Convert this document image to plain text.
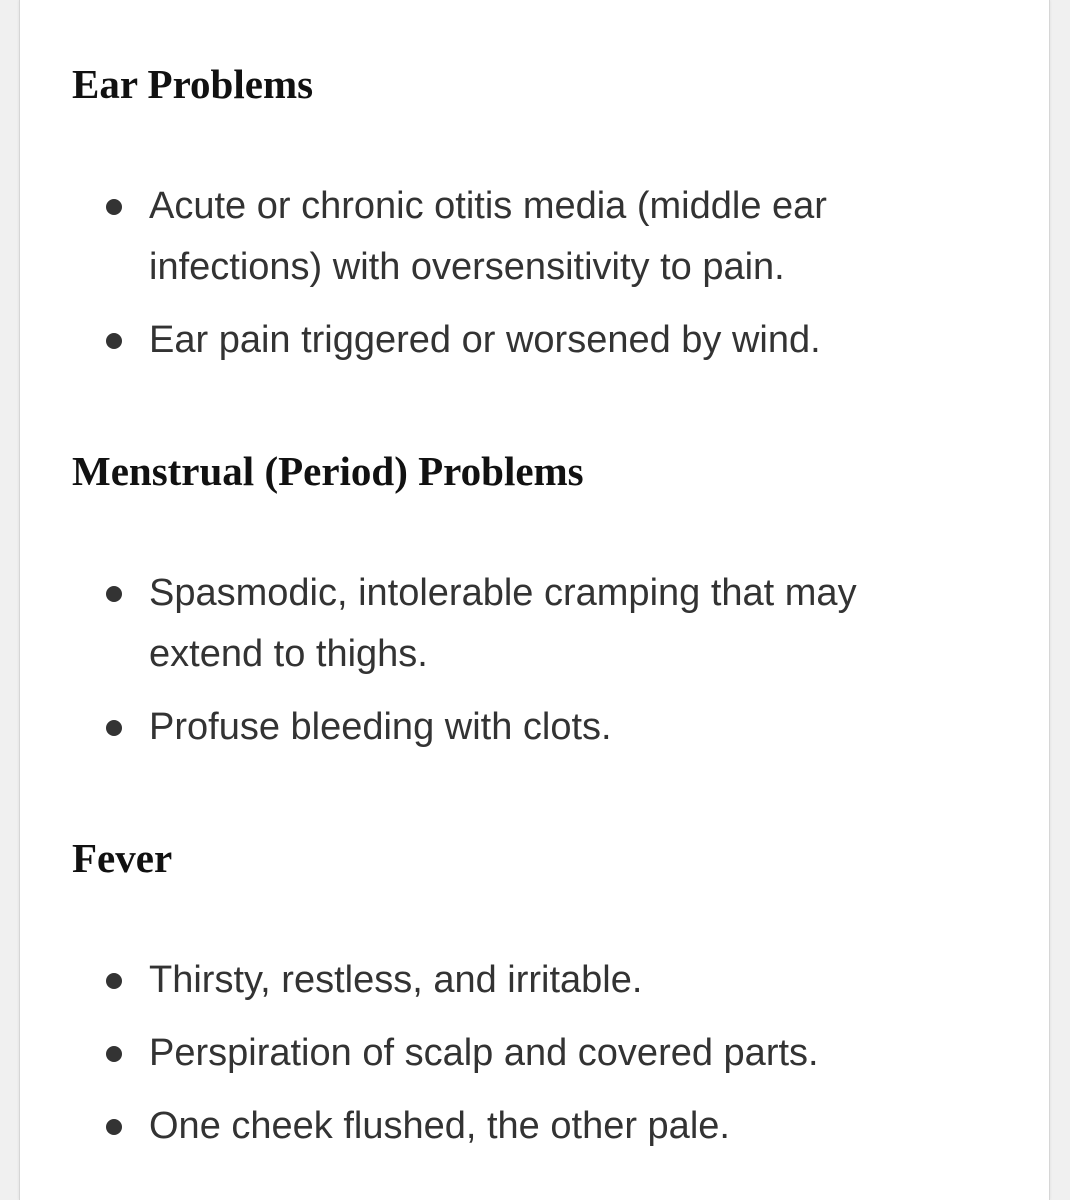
Ear Problems
Acute or chronic otitis media (middle ear infections) with oversensitivity to pain.
Ear pain triggered or worsened by wind.
Menstrual (Period) Problems
Spasmodic, intolerable cramping that may extend to thighs.
Profuse bleeding with clots.
Fever
Thirsty, restless, and irritable.
Perspiration of scalp and covered parts.
One cheek flushed, the other pale.
